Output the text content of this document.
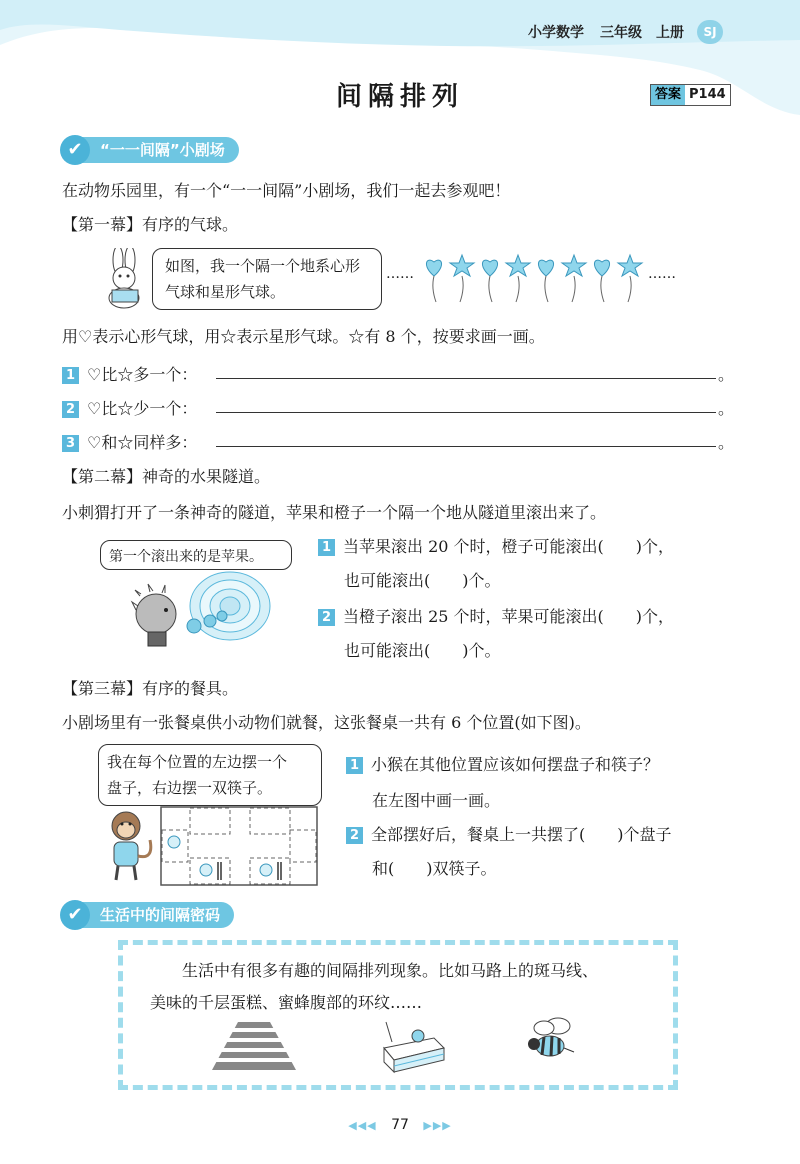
小学数学 三年级 上册	SJ
间隔排列	答案 P144
“一一间隔”小剧场
✔
在动物乐园里，有一个“一一间隔”小剧场，我们一起去参观吧！
【第一幕】有序的气球。
如图，我一个隔一个地系心形
气球和星形气球。
……	……
用♡表示心形气球，用☆表示星形气球。☆有 8 个，按要求画一画。
1 ♡比☆多一个：	。
2 ♡比☆少一个：	。
3 ♡和☆同样多：	。
【第二幕】神奇的水果隧道。
小刺猬打开了一条神奇的隧道，苹果和橙子一个隔一个地从隧道里滚出来了。
第一个滚出来的是苹果。
1 当苹果滚出 20 个时，橙子可能滚出(　　)个，
也可能滚出(　　)个。
2 当橙子滚出 25 个时，苹果可能滚出(　　)个，
也可能滚出(　　)个。
【第三幕】有序的餐具。
小剧场里有一张餐桌供小动物们就餐，这张餐桌一共有 6 个位置(如下图)。
我在每个位置的左边摆一个
盘子，右边摆一双筷子。
1 小猴在其他位置应该如何摆盘子和筷子？
在左图中画一画。
2 全部摆好后，餐桌上一共摆了(　　)个盘子
和(　　)双筷子。
生活中的间隔密码
✔
生活中有很多有趣的间隔排列现象。比如马路上的斑马线、
美味的千层蛋糕、蜜蜂腹部的环纹……
◀◀◀ 77 ▶▶▶
